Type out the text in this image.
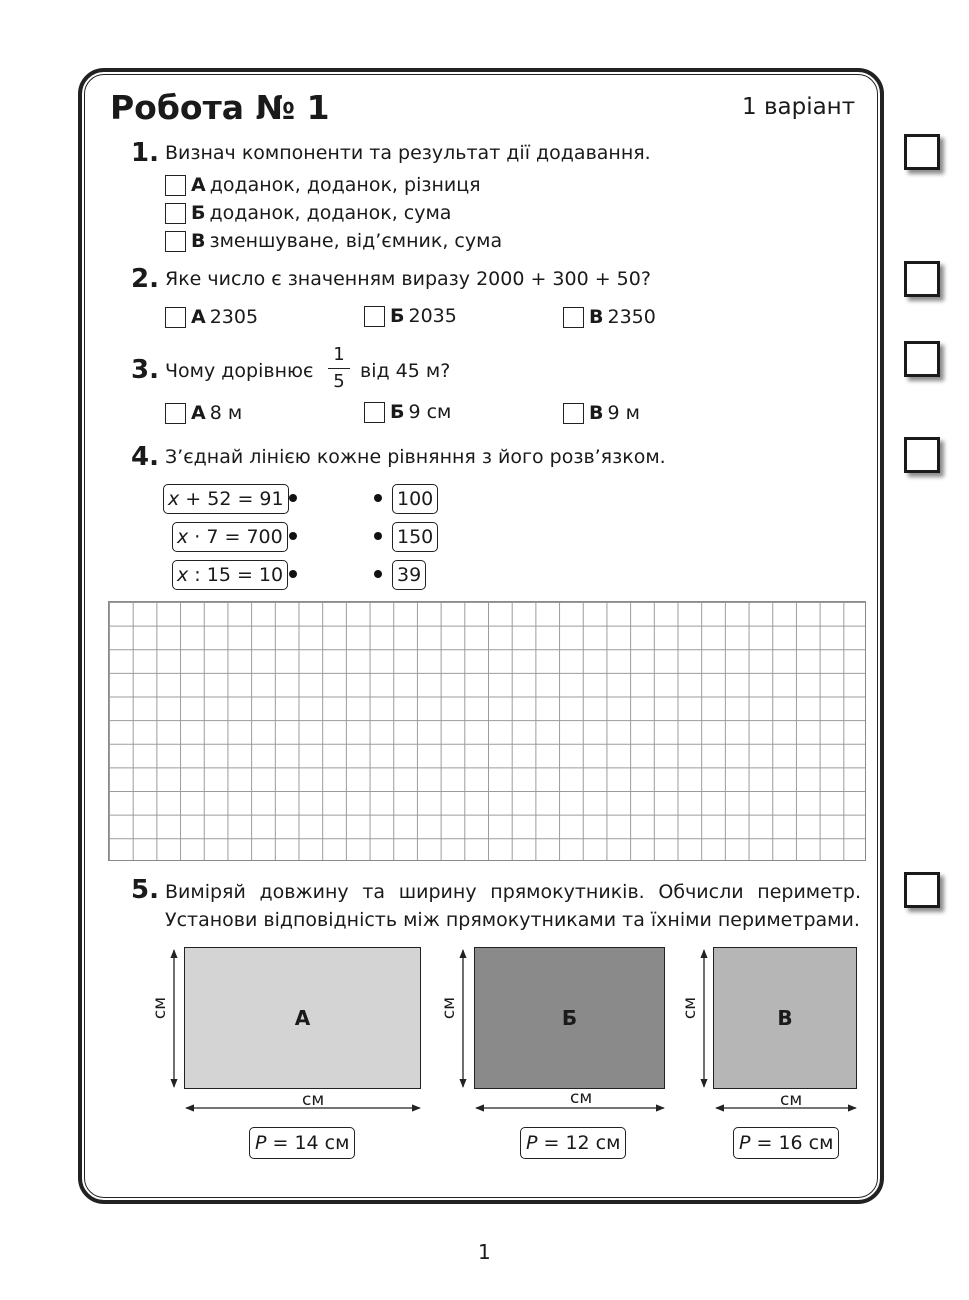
Робота № 1	1 варіант
1. Визнач компоненти та результат дії додавання.
А доданок, доданок, різниця
Б доданок, доданок, сума
В зменшуване, від’ємник, сума
2. Яке число є значенням виразу 2000 + 300 + 50?
А 2305	Б 2035	В 2350
3. Чому дорівнює
1
5 від 45 м?
А 8 м	Б 9 см	В 9 м
4. З’єднай лінією кожне рівняння з його розв’язком.
x + 52 = 91
x · 7 = 700
x : 15 = 10
100
150
39
5. Виміряй довжину та ширину прямокутників. Обчисли периметр.
Установи відповідність між прямокутниками та їхніми периметрами.
А	Б	В
см	см	см
см	см	см
P = 14 см	P = 12 см	P = 16 см
1
